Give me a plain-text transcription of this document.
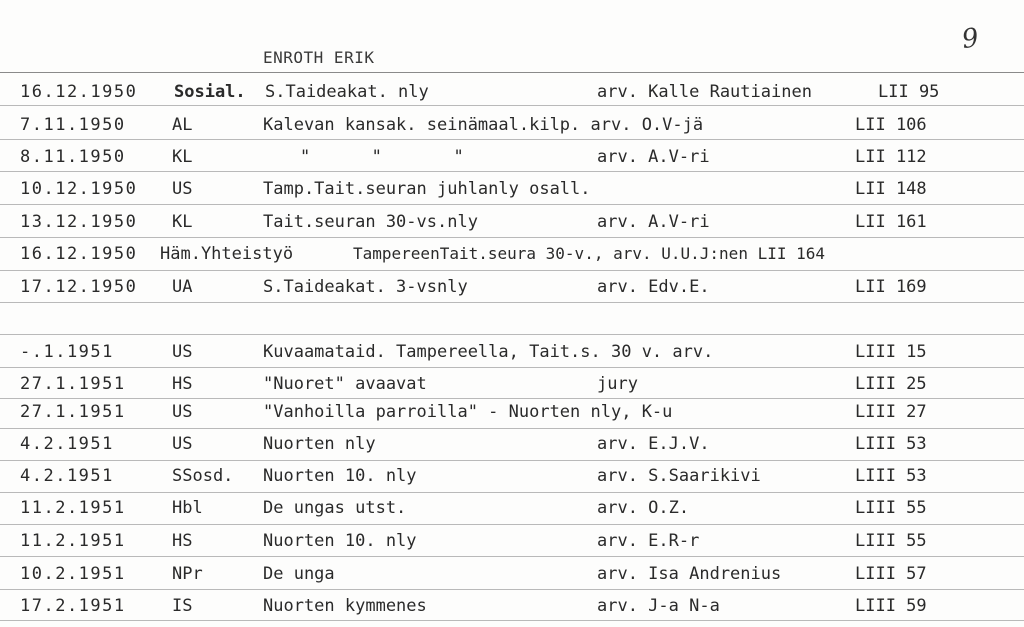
9
ENROTH ERIK
16.12.1950 Sosial. S.Taideakat. nly	arv. Kalle Rautiainen	LII 95
7.11.1950	AL	Kalevan kansak. seinämaal.kilp. arv. O.V-jä	LII 106
8.11.1950	KL	"      "       "	arv. A.V-ri	LII 112
10.12.1950 US	Tamp.Tait.seuran juhlanly osall.	LII 148
13.12.1950 KL	Tait.seuran 30-vs.nly	arv. A.V-ri	LII 161
16.12.1950 Häm.Yhteistyö	TampereenTait.seura 30-v., arv. U.U.J:nen LII 164
17.12.1950 UA	S.Taideakat. 3-vsnly	arv. Edv.E.	LII 169
-.1.1951	US	Kuvaamataid. Tampereella, Tait.s. 30 v. arv.	LIII 15
27.1.1951	HS	"Nuoret" avaavat	jury	LIII 25
27.1.1951	US	"Vanhoilla parroilla" - Nuorten nly, K-u	LIII 27
4.2.1951	US	Nuorten nly	arv. E.J.V.	LIII 53
4.2.1951	SSosd. Nuorten 10. nly	arv. S.Saarikivi	LIII 53
11.2.1951	Hbl	De ungas utst.	arv. O.Z.	LIII 55
11.2.1951	HS	Nuorten 10. nly	arv. E.R-r	LIII 55
10.2.1951	NPr	De unga	arv. Isa Andrenius	LIII 57
17.2.1951	IS	Nuorten kymmenes	arv. J-a N-a	LIII 59
